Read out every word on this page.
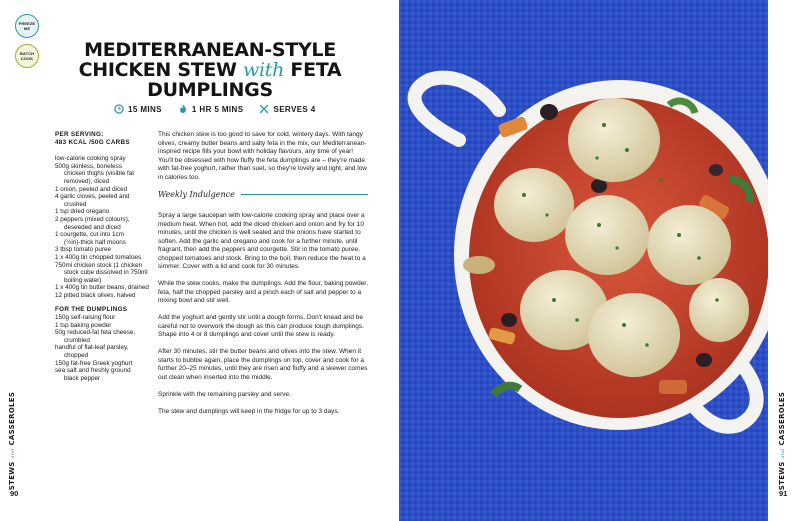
FREEZE ME
BATCH COOK	MEDITERRANEAN-STYLE CHICKEN STEW with FETA DUMPLINGS
15 MINS	1 HR 5 MINS	SERVES 4
PER SERVING:
483 KCAL /50G CARBS
low-calorie cooking spray
500g skinless, boneless
chicken thighs (visible fat
removed), diced
1 onion, peeled and diced
4 garlic cloves, peeled and
crushed
1 tsp dried oregano
2 peppers (mixed colours),
deseeded and diced
1 courgette, cut into 1cm
(½in)-thick half moons
3 tbsp tomato puree
1 x 400g tin chopped tomatoes
750ml chicken stock (1 chicken
stock cube dissolved in 750ml
boiling water)
1 x 400g tin butter beans, drained
12 pitted black olives, halved
FOR THE DUMPLINGS
150g self-raising flour
1 tsp baking powder
50g reduced-fat feta cheese,
crumbled
handful of flat-leaf parsley,
chopped
150g fat-free Greek yoghurt
sea salt and freshly ground
black pepper

This chicken stew is too good to save for cold, wintery days. With tangy olives, creamy butter beans and salty feta in the mix, our Mediterranean-inspired recipe fills your bowl with holiday flavours, any time of year! You'll be obsessed with how fluffy the feta dumplings are – they're made with fat-free yoghurt, rather than suet, so they're lovely and light, and low in calories too.

Weekly Indulgence

Spray a large saucepan with low-calorie cooking spray and place over a medium heat. When hot, add the diced chicken and onion and fry for 10 minutes, until the chicken is well sealed and the onions have started to soften. Add the garlic and oregano and cook for a further minute, until fragrant, then add the peppers and courgette. Stir in the tomato puree, chopped tomatoes and stock. Bring to the boil, then reduce the heat to a simmer. Cover with a lid and cook for 30 minutes.

While the stew cooks, make the dumplings. Add the flour, baking powder, feta, half the chopped parsley and a pinch each of salt and pepper to a mixing bowl and stir well.

Add the yoghurt and gently stir until a dough forms. Don't knead and be careful not to overwork the dough as this can produce tough dumplings. Shape into 4 or 8 dumplings and cover until the stew is ready.

After 30 minutes, stir the butter beans and olives into the stew. When it starts to bubble again, place the dumplings on top, cover and cook for a further 20–25 minutes, until they are risen and fluffy and a skewer comes out clean when inserted into the middle.

Sprinkle with the remaining parsley and serve.

The stew and dumplings will keep in the fridge for up to 3 days.

STEWS and CASSEROLES
90
STEWS and CASSEROLES
91
